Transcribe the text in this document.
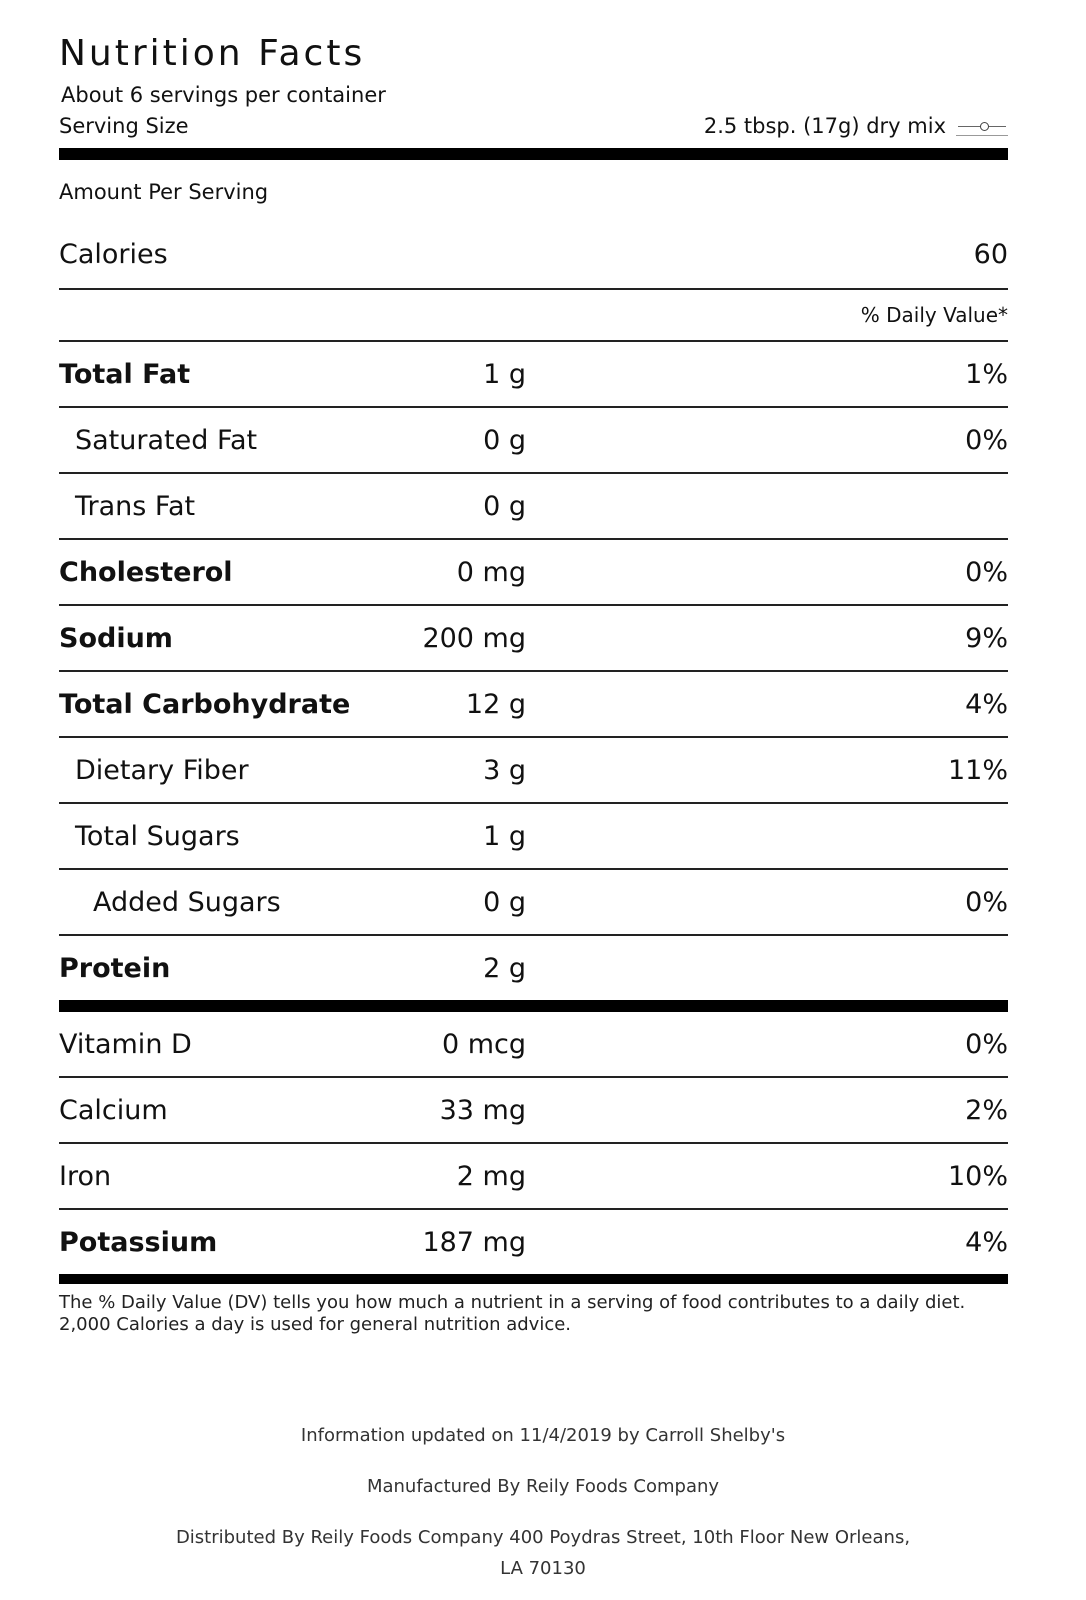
Nutrition Facts
About 6 servings per container
Serving Size	2.5 tbsp. (17g) dry mix
Amount Per Serving
Calories	60
% Daily Value*
Total Fat	1 g	1%
Saturated Fat	0 g	0%
Trans Fat	0 g
Cholesterol	0 mg	0%
Sodium	200 mg	9%
Total Carbohydrate	12 g	4%
Dietary Fiber	3 g	11%
Total Sugars	1 g
Added Sugars	0 g	0%
Protein	2 g
Vitamin D	0 mcg	0%
Calcium	33 mg	2%
Iron	2 mg	10%
Potassium	187 mg	4%
The % Daily Value (DV) tells you how much a nutrient in a serving of food contributes to a daily diet.
2,000 Calories a day is used for general nutrition advice.
Information updated on 11/4/2019 by Carroll Shelby's
Manufactured By Reily Foods Company
Distributed By Reily Foods Company 400 Poydras Street, 10th Floor New Orleans,
LA 70130
